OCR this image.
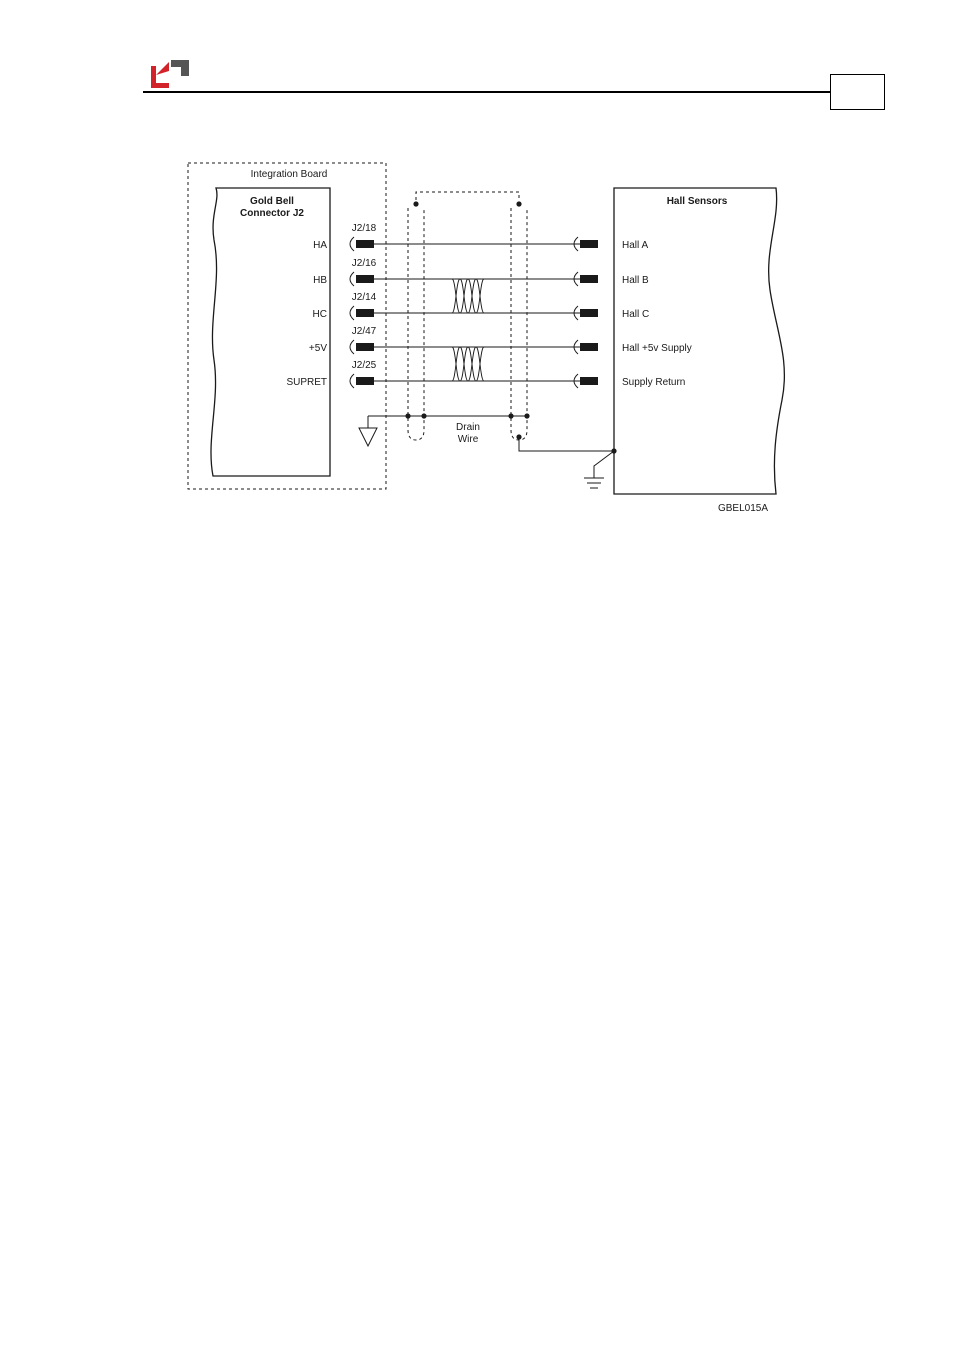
HA
J2/18
Hall A
HB
J2/16
Hall B
HC
J2/14
Hall C
+5V
J2/47
Hall +5v Supply
SUPRET
J2/25
Supply Return
Integration Board
Gold Bell
Connector J2
Hall Sensors
Drain
Wire
GBEL015A
